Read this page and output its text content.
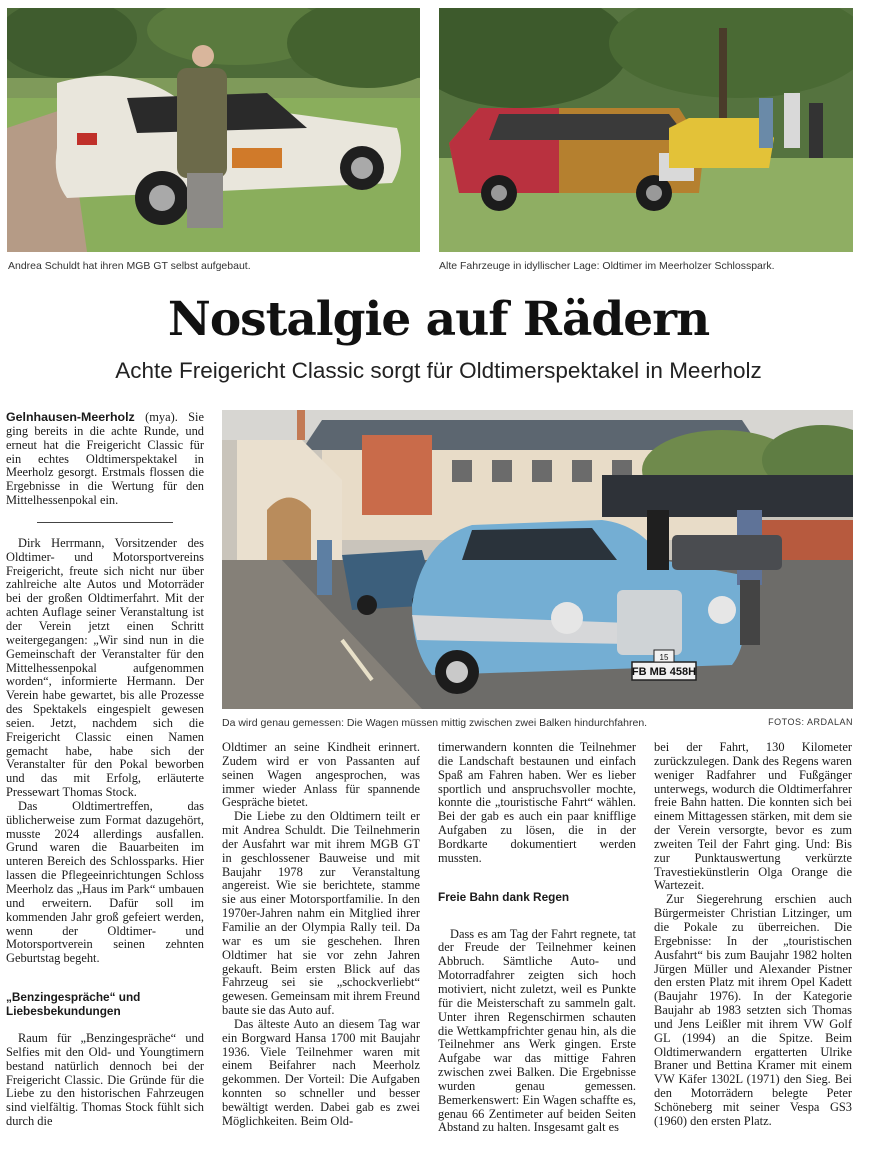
Andrea Schuldt hat ihren MGB GT selbst aufgebaut.	Alte Fahrzeuge in idyllischer Lage: Oldtimer im Meerholzer Schlosspark.
Nostalgie auf Rädern
Achte Freigericht Classic sorgt für Oldtimerspektakel in Meerholz
FB MB 458H
15
Da wird genau gemessen: Die Wagen müssen mittig zwischen zwei Balken hindurchfahren.	FOTOS: ARDALAN

Gelnhausen-Meerholz (mya). Sie ging bereits in die achte Runde, und erneut hat die Freigericht Classic für ein echtes Oldtimerspektakel in Meerholz gesorgt. Erstmals flossen die Ergebnisse in die Wertung für den Mittelhessenpokal ein.

Dirk Herrmann, Vorsitzender des Oldtimer- und Motorsportvereins Freigericht, freute sich nicht nur über zahlreiche alte Autos und Motorräder bei der großen Oldtimerfahrt. Mit der achten Auflage seiner Veranstaltung ist der Verein jetzt einen Schritt weitergegangen: „Wir sind nun in die Gemeinschaft der Veranstalter für den Mittelhessenpokal aufgenommen worden“, informierte Hermann. Der Verein habe gewartet, bis alle Prozesse des Spektakels eingespielt gewesen seien. Jetzt, nachdem sich die Freigericht Classic einen Namen gemacht habe, habe sich der Veranstalter für den Pokal beworben und das mit Erfolg, erläuterte Pressewart Thomas Stock.

Das Oldtimertreffen, das üblicherweise zum Format dazugehört, musste 2024 allerdings ausfallen. Grund waren die Bauarbeiten im unteren Bereich des Schlossparks. Hier lassen die Pflegeeinrichtungen Schloss Meerholz das „Haus im Park“ umbauen und erweitern. Dafür soll im kommenden Jahr groß gefeiert werden, wenn der Oldtimer- und Motorsportverein seinen zehnten Geburtstag begeht.

„Benzingespräche“ und Liebesbekundungen

Raum für „Benzingespräche“ und Selfies mit den Old- und Youngtimern bestand natürlich dennoch bei der Freigericht Classic. Die Gründe für die Liebe zu den historischen Fahrzeugen sind vielfältig. Thomas Stock fühlt sich durch die

Oldtimer an seine Kindheit erinnert. Zudem wird er von Passanten auf seinen Wagen angesprochen, was immer wieder Anlass für spannende Gespräche bietet.

Die Liebe zu den Oldtimern teilt er mit Andrea Schuldt. Die Teilnehmerin der Ausfahrt war mit ihrem MGB GT in geschlossener Bauweise und mit Baujahr 1978 zur Veranstaltung angereist. Wie sie berichtete, stamme sie aus einer Motorsportfamilie. In den 1970er-Jahren nahm ein Mitglied ihrer Familie an der Olympia Rally teil. Da war es um sie geschehen. Ihren Oldtimer hat sie vor zehn Jahren gekauft. Beim ersten Blick auf das Fahrzeug sei sie „schockverliebt“ gewesen. Gemeinsam mit ihrem Freund baute sie das Auto auf.

Das älteste Auto an diesem Tag war ein Borgward Hansa 1700 mit Baujahr 1936. Viele Teilnehmer waren mit einem Beifahrer nach Meerholz gekommen. Der Vorteil: Die Aufgaben konnten so schneller und besser bewältigt werden. Dabei gab es zwei Möglichkeiten. Beim Old-

timerwandern konnten die Teilnehmer die Landschaft bestaunen und einfach Spaß am Fahren haben. Wer es lieber sportlich und anspruchsvoller mochte, konnte die „touristische Fahrt“ wählen. Bei der gab es auch ein paar knifflige Aufgaben zu lösen, die in der Bordkarte dokumentiert werden mussten.

Freie Bahn dank Regen

Dass es am Tag der Fahrt regnete, tat der Freude der Teilnehmer keinen Abbruch. Sämtliche Auto- und Motorradfahrer zeigten sich hoch motiviert, nicht zuletzt, weil es Punkte für die Meisterschaft zu sammeln galt. Unter ihren Regenschirmen schauten die Wettkampfrichter genau hin, als die Teilnehmer ans Werk gingen. Erste Aufgabe war das mittige Fahren zwischen zwei Balken. Die Ergebnisse wurden genau gemessen. Bemerkenswert: Ein Wagen schaffte es, genau 66 Zentimeter auf beiden Seiten Abstand zu halten. Insgesamt galt es

bei der Fahrt, 130 Kilometer zurückzulegen. Dank des Regens waren weniger Radfahrer und Fußgänger unterwegs, wodurch die Oldtimerfahrer freie Bahn hatten. Die konnten sich bei einem Mittagessen stärken, mit dem sie der Verein versorgte, bevor es zum zweiten Teil der Fahrt ging. Und: Bis zur Punktauswertung verkürzte Travestiekünstlerin Olga Orange die Wartezeit.

Zur Siegerehrung erschien auch Bürgermeister Christian Litzinger, um die Pokale zu überreichen. Die Ergebnisse: In der „touristischen Ausfahrt“ bis zum Baujahr 1982 holten Jürgen Müller und Alexander Pistner den ersten Platz mit ihrem Opel Kadett (Baujahr 1976). In der Kategorie Baujahr ab 1983 setzten sich Thomas und Jens Leißler mit ihrem VW Golf GL (1994) an die Spitze. Beim Oldtimerwandern ergatterten Ulrike Braner und Bettina Kramer mit einem VW Käfer 1302L (1971) den Sieg. Bei den Motorrädern belegte Peter Schöneberg mit seiner Vespa GS3 (1960) den ersten Platz.
